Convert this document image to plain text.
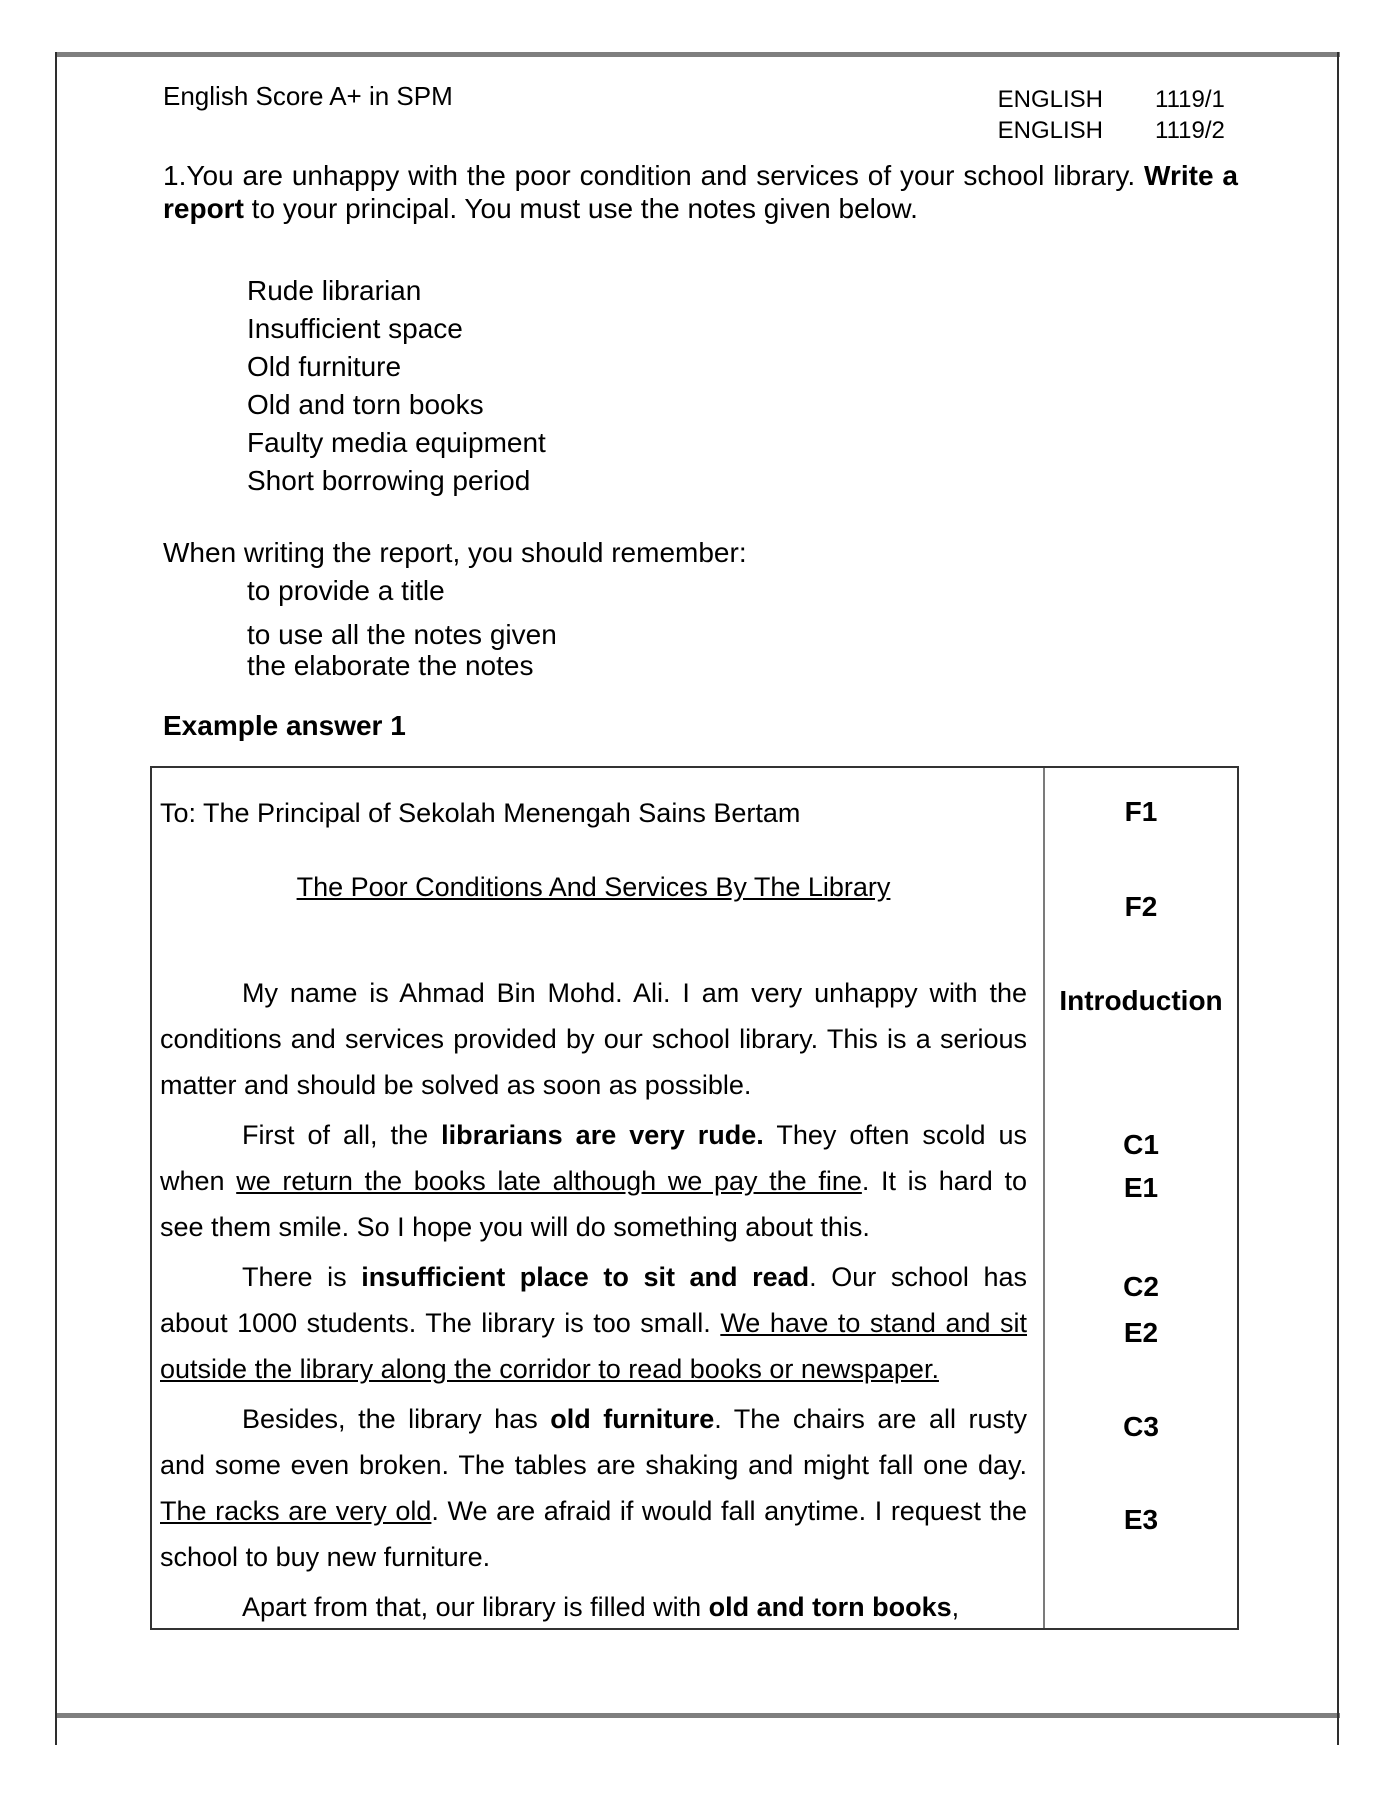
English Score A+ in SPM	ENGLISH 1119/1
ENGLISH 1119/2
1.You are unhappy with the poor condition and services of your school library. Write a
report to your principal. You must use the notes given below.
Rude librarian
Insufficient space
Old furniture
Old and torn books
Faulty media equipment
Short borrowing period
When writing the report, you should remember:
to provide a title
to use all the notes given
the elaborate the notes
Example answer 1
To: The Principal of Sekolah Menengah Sains Bertam
The Poor Conditions And Services By The Library
My name is Ahmad Bin Mohd. Ali. I am very unhappy with the
conditions and services provided by our school library. This is a serious
matter and should be solved as soon as possible.
First of all, the librarians are very rude. They often scold us
when we return the books late although we pay the fine. It is hard to
see them smile. So I hope you will do something about this.
There is insufficient place to sit and read. Our school has
about 1000 students. The library is too small. We have to stand and sit
outside the library along the corridor to read books or newspaper.
Besides, the library has old furniture. The chairs are all rusty
and some even broken. The tables are shaking and might fall one day.
The racks are very old. We are afraid if would fall anytime. I request the
school to buy new furniture.
Apart from that, our library is filled with old and torn books,
F1
F2
Introduction
C1
E1
C2
E2
C3
E3
